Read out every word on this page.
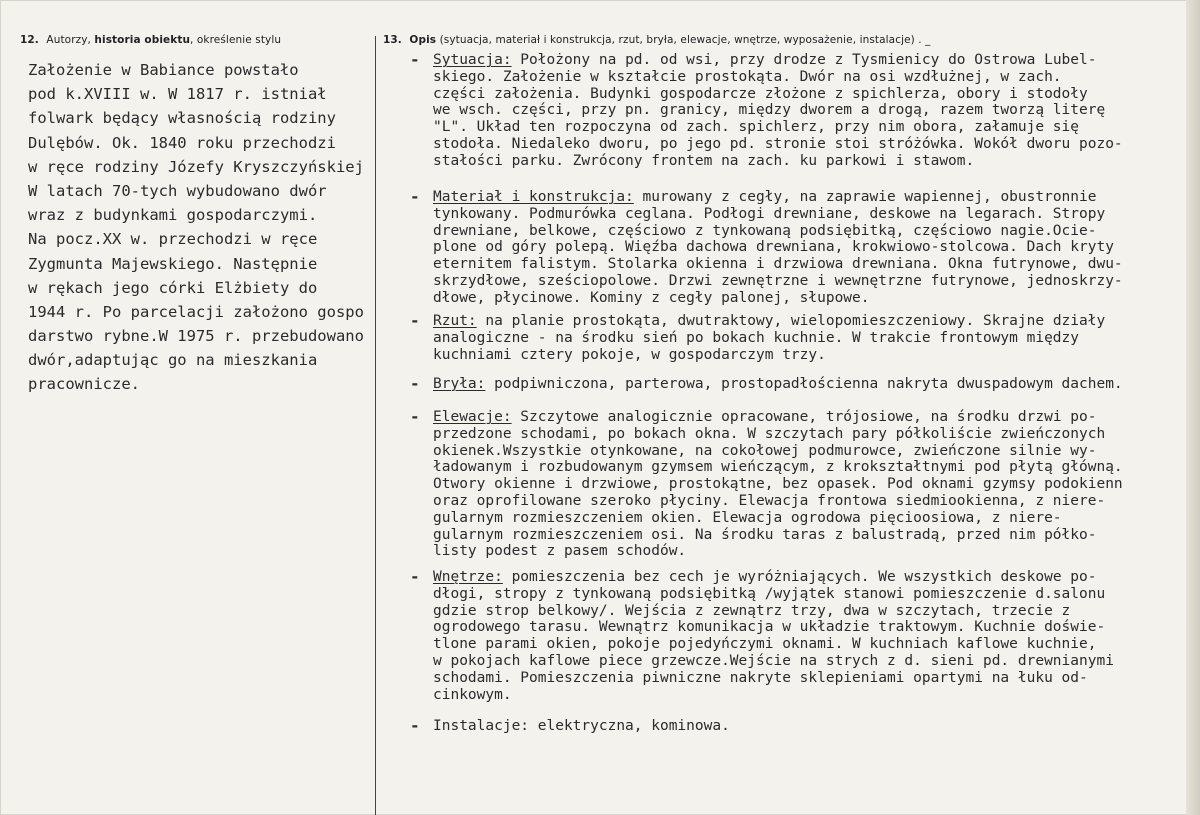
12. Autorzy, historia obiektu, określenie stylu	13. Opis (sytuacja, materiał i konstrukcja, rzut, bryła, elewacje, wnętrze, wyposażenie, instalacje) . _
Założenie w Babiance powstało
pod k.XVIII w. W 1817 r. istniał
folwark będący własnością rodziny
Dulębów. Ok. 1840 roku przechodzi
w ręce rodziny Józefy Kryszczyńskiej
W latach 70-tych wybudowano dwór
wraz z budynkami gospodarczymi.
Na pocz.XX w. przechodzi w ręce
Zygmunta Majewskiego. Następnie
w rękach jego córki Elżbiety do
1944 r. Po parcelacji założono gospo
darstwo rybne.W 1975 r. przebudowano
dwór,adaptując go na mieszkania
pracownicze.
- Sytuacja: Położony na pd. od wsi, przy drodze z Tysmienicy do Ostrowa Lubel-
skiego. Założenie w kształcie prostokąta. Dwór na osi wzdłużnej, w zach.
części założenia. Budynki gospodarcze złożone z spichlerza, obory i stodoły
we wsch. części, przy pn. granicy, między dworem a drogą, razem tworzą literę
"L". Układ ten rozpoczyna od zach. spichlerz, przy nim obora, załamuje się
stodoła. Niedaleko dworu, po jego pd. stronie stoi stróżówka. Wokół dworu pozo-
stałości parku. Zwrócony frontem na zach. ku parkowi i stawom.
- Materiał i konstrukcja: murowany z cegły, na zaprawie wapiennej, obustronnie
tynkowany. Podmurówka ceglana. Podłogi drewniane, deskowe na legarach. Stropy
drewniane, belkowe, częściowo z tynkowaną podsiębitką, częściowo nagie.Ocie-
plone od góry polepą. Więźba dachowa drewniana, krokwiowo-stolcowa. Dach kryty
eternitem falistym. Stolarka okienna i drzwiowa drewniana. Okna futrynowe, dwu-
skrzydłowe, sześciopolowe. Drzwi zewnętrzne i wewnętrzne futrynowe, jednoskrzy-
dłowe, płycinowe. Kominy z cegły palonej, słupowe.
- Rzut: na planie prostokąta, dwutraktowy, wielopomieszczeniowy. Skrajne działy
analogiczne - na środku sień po bokach kuchnie. W trakcie frontowym między
kuchniami cztery pokoje, w gospodarczym trzy.
- Bryła: podpiwniczona, parterowa, prostopadłościenna nakryta dwuspadowym dachem.
- Elewacje: Szczytowe analogicznie opracowane, trójosiowe, na środku drzwi po-
przedzone schodami, po bokach okna. W szczytach pary półkoliście zwieńczonych
okienek.Wszystkie otynkowane, na cokołowej podmurowce, zwieńczone silnie wy-
ładowanym i rozbudowanym gzymsem wieńczącym, z krokształtnymi pod płytą główną.
Otwory okienne i drzwiowe, prostokątne, bez opasek. Pod oknami gzymsy podokienn
oraz oprofilowane szeroko płyciny. Elewacja frontowa siedmiookienna, z niere-
gularnym rozmieszczeniem okien. Elewacja ogrodowa pięcioosiowa, z niere-
gularnym rozmieszczeniem osi. Na środku taras z balustradą, przed nim półko-
listy podest z pasem schodów.
- Wnętrze: pomieszczenia bez cech je wyróżniających. We wszystkich deskowe po-
dłogi, stropy z tynkowaną podsiębitką /wyjątek stanowi pomieszczenie d.salonu
gdzie strop belkowy/. Wejścia z zewnątrz trzy, dwa w szczytach, trzecie z
ogrodowego tarasu. Wewnątrz komunikacja w układzie traktowym. Kuchnie doświe-
tlone parami okien, pokoje pojedyńczymi oknami. W kuchniach kaflowe kuchnie,
w pokojach kaflowe piece grzewcze.Wejście na strych z d. sieni pd. drewnianymi
schodami. Pomieszczenia piwniczne nakryte sklepieniami opartymi na łuku od-
cinkowym.
- Instalacje: elektryczna, kominowa.
